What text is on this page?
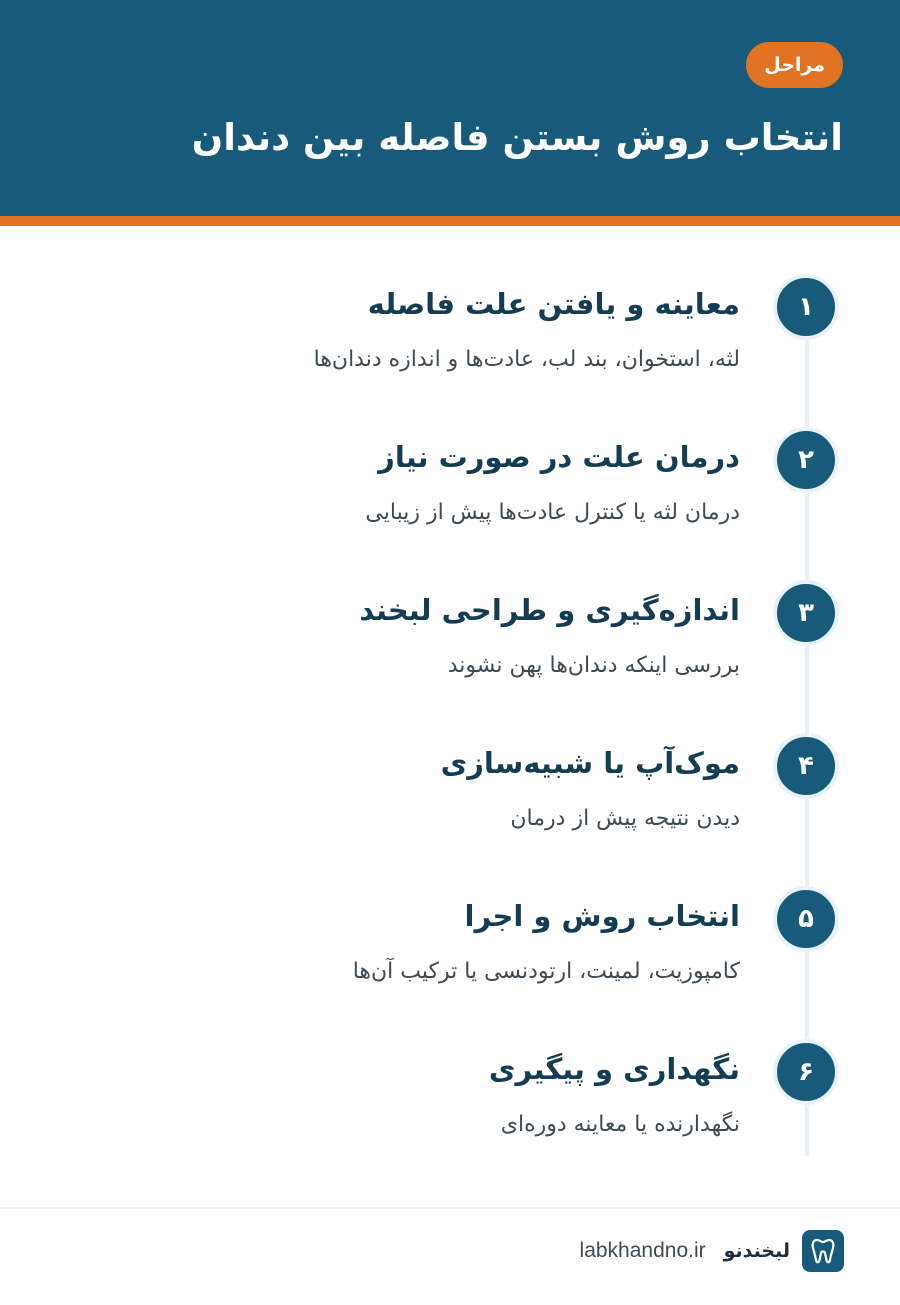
مراحل
انتخاب روش بستن فاصله بین دندان
۱
معاینه و یافتن علت فاصله
لثه، استخوان، بند لب، عادت‌ها و اندازه دندان‌ها
۲
درمان علت در صورت نیاز
درمان لثه یا کنترل عادت‌ها پیش از زیبایی
۳
اندازه‌گیری و طراحی لبخند
بررسی اینکه دندان‌ها پهن نشوند
۴
موک‌آپ یا شبیه‌سازی
دیدن نتیجه پیش از درمان
۵
انتخاب روش و اجرا
کامپوزیت، لمینت، ارتودنسی یا ترکیب آن‌ها
۶
نگهداری و پیگیری
نگهدارنده یا معاینه دوره‌ای
لبخندنو
labkhandno.ir
